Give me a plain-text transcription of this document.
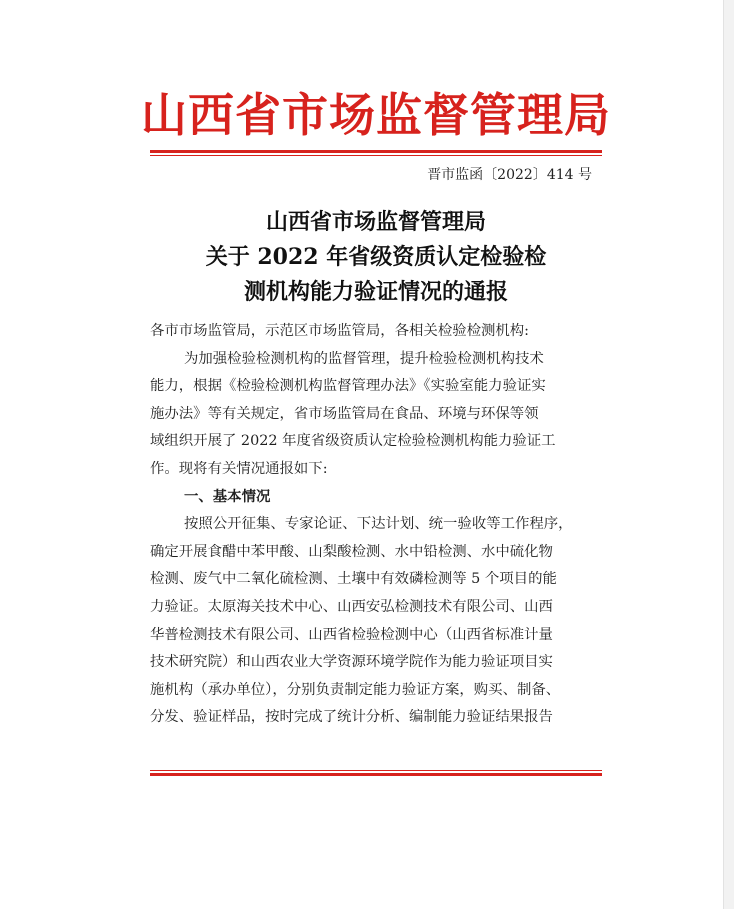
山西省市场监督管理局
晋市监函〔2022〕414 号
山西省市场监督管理局
关于 2022 年省级资质认定检验检
测机构能力验证情况的通报
各市市场监管局，示范区市场监管局，各相关检验检测机构:
为加强检验检测机构的监督管理，提升检验检测机构技术
能力，根据《检验检测机构监督管理办法》《实验室能力验证实
施办法》等有关规定，省市场监管局在食品、环境与环保等领
域组织开展了 2022 年度省级资质认定检验检测机构能力验证工
作。现将有关情况通报如下:
一、基本情况
按照公开征集、专家论证、下达计划、统一验收等工作程序，
确定开展食醋中苯甲酸、山梨酸检测、水中铅检测、水中硫化物
检测、废气中二氧化硫检测、土壤中有效磷检测等 5 个项目的能
力验证。太原海关技术中心、山西安弘检测技术有限公司、山西
华普检测技术有限公司、山西省检验检测中心（山西省标准计量
技术研究院）和山西农业大学资源环境学院作为能力验证项目实
施机构（承办单位），分别负责制定能力验证方案，购买、制备、
分发、验证样品，按时完成了统计分析、编制能力验证结果报告
